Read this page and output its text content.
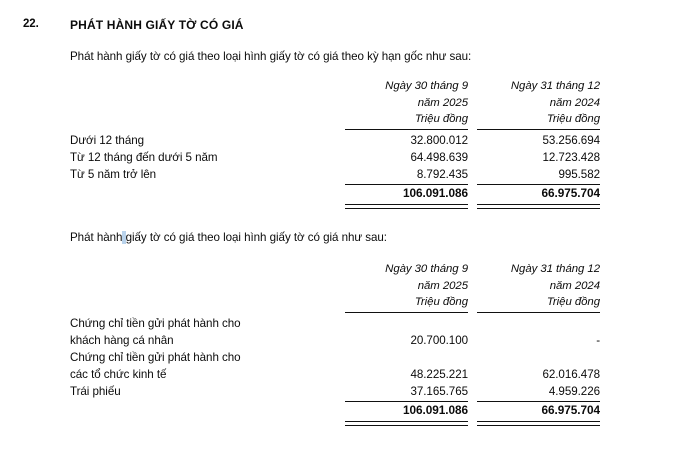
22.	PHÁT HÀNH GIẤY TỜ CÓ GIÁ
Phát hành giấy tờ có giá theo loại hình giấy tờ có giá theo kỳ hạn gốc như sau:
Phát hành giấy tờ có giá theo loại hình giấy tờ có giá như sau:
Ngày 30 tháng 9
năm 2025
Triệu đồng
Ngày 31 tháng 12
năm 2024
Triệu đồng
Dưới 12 tháng	32.800.012	53.256.694
Từ 12 tháng đến dưới 5 năm	64.498.639	12.723.428
Từ 5 năm trở lên	8.792.435	995.582
106.091.086	66.975.704
Ngày 30 tháng 9
năm 2025
Triệu đồng
Ngày 31 tháng 12
năm 2024
Triệu đồng
Chứng chỉ tiền gửi phát hành cho
khách hàng cá nhân	20.700.100	-
Chứng chỉ tiền gửi phát hành cho
các tổ chức kinh tế	48.225.221	62.016.478
Trái phiếu	37.165.765	4.959.226
106.091.086	66.975.704
